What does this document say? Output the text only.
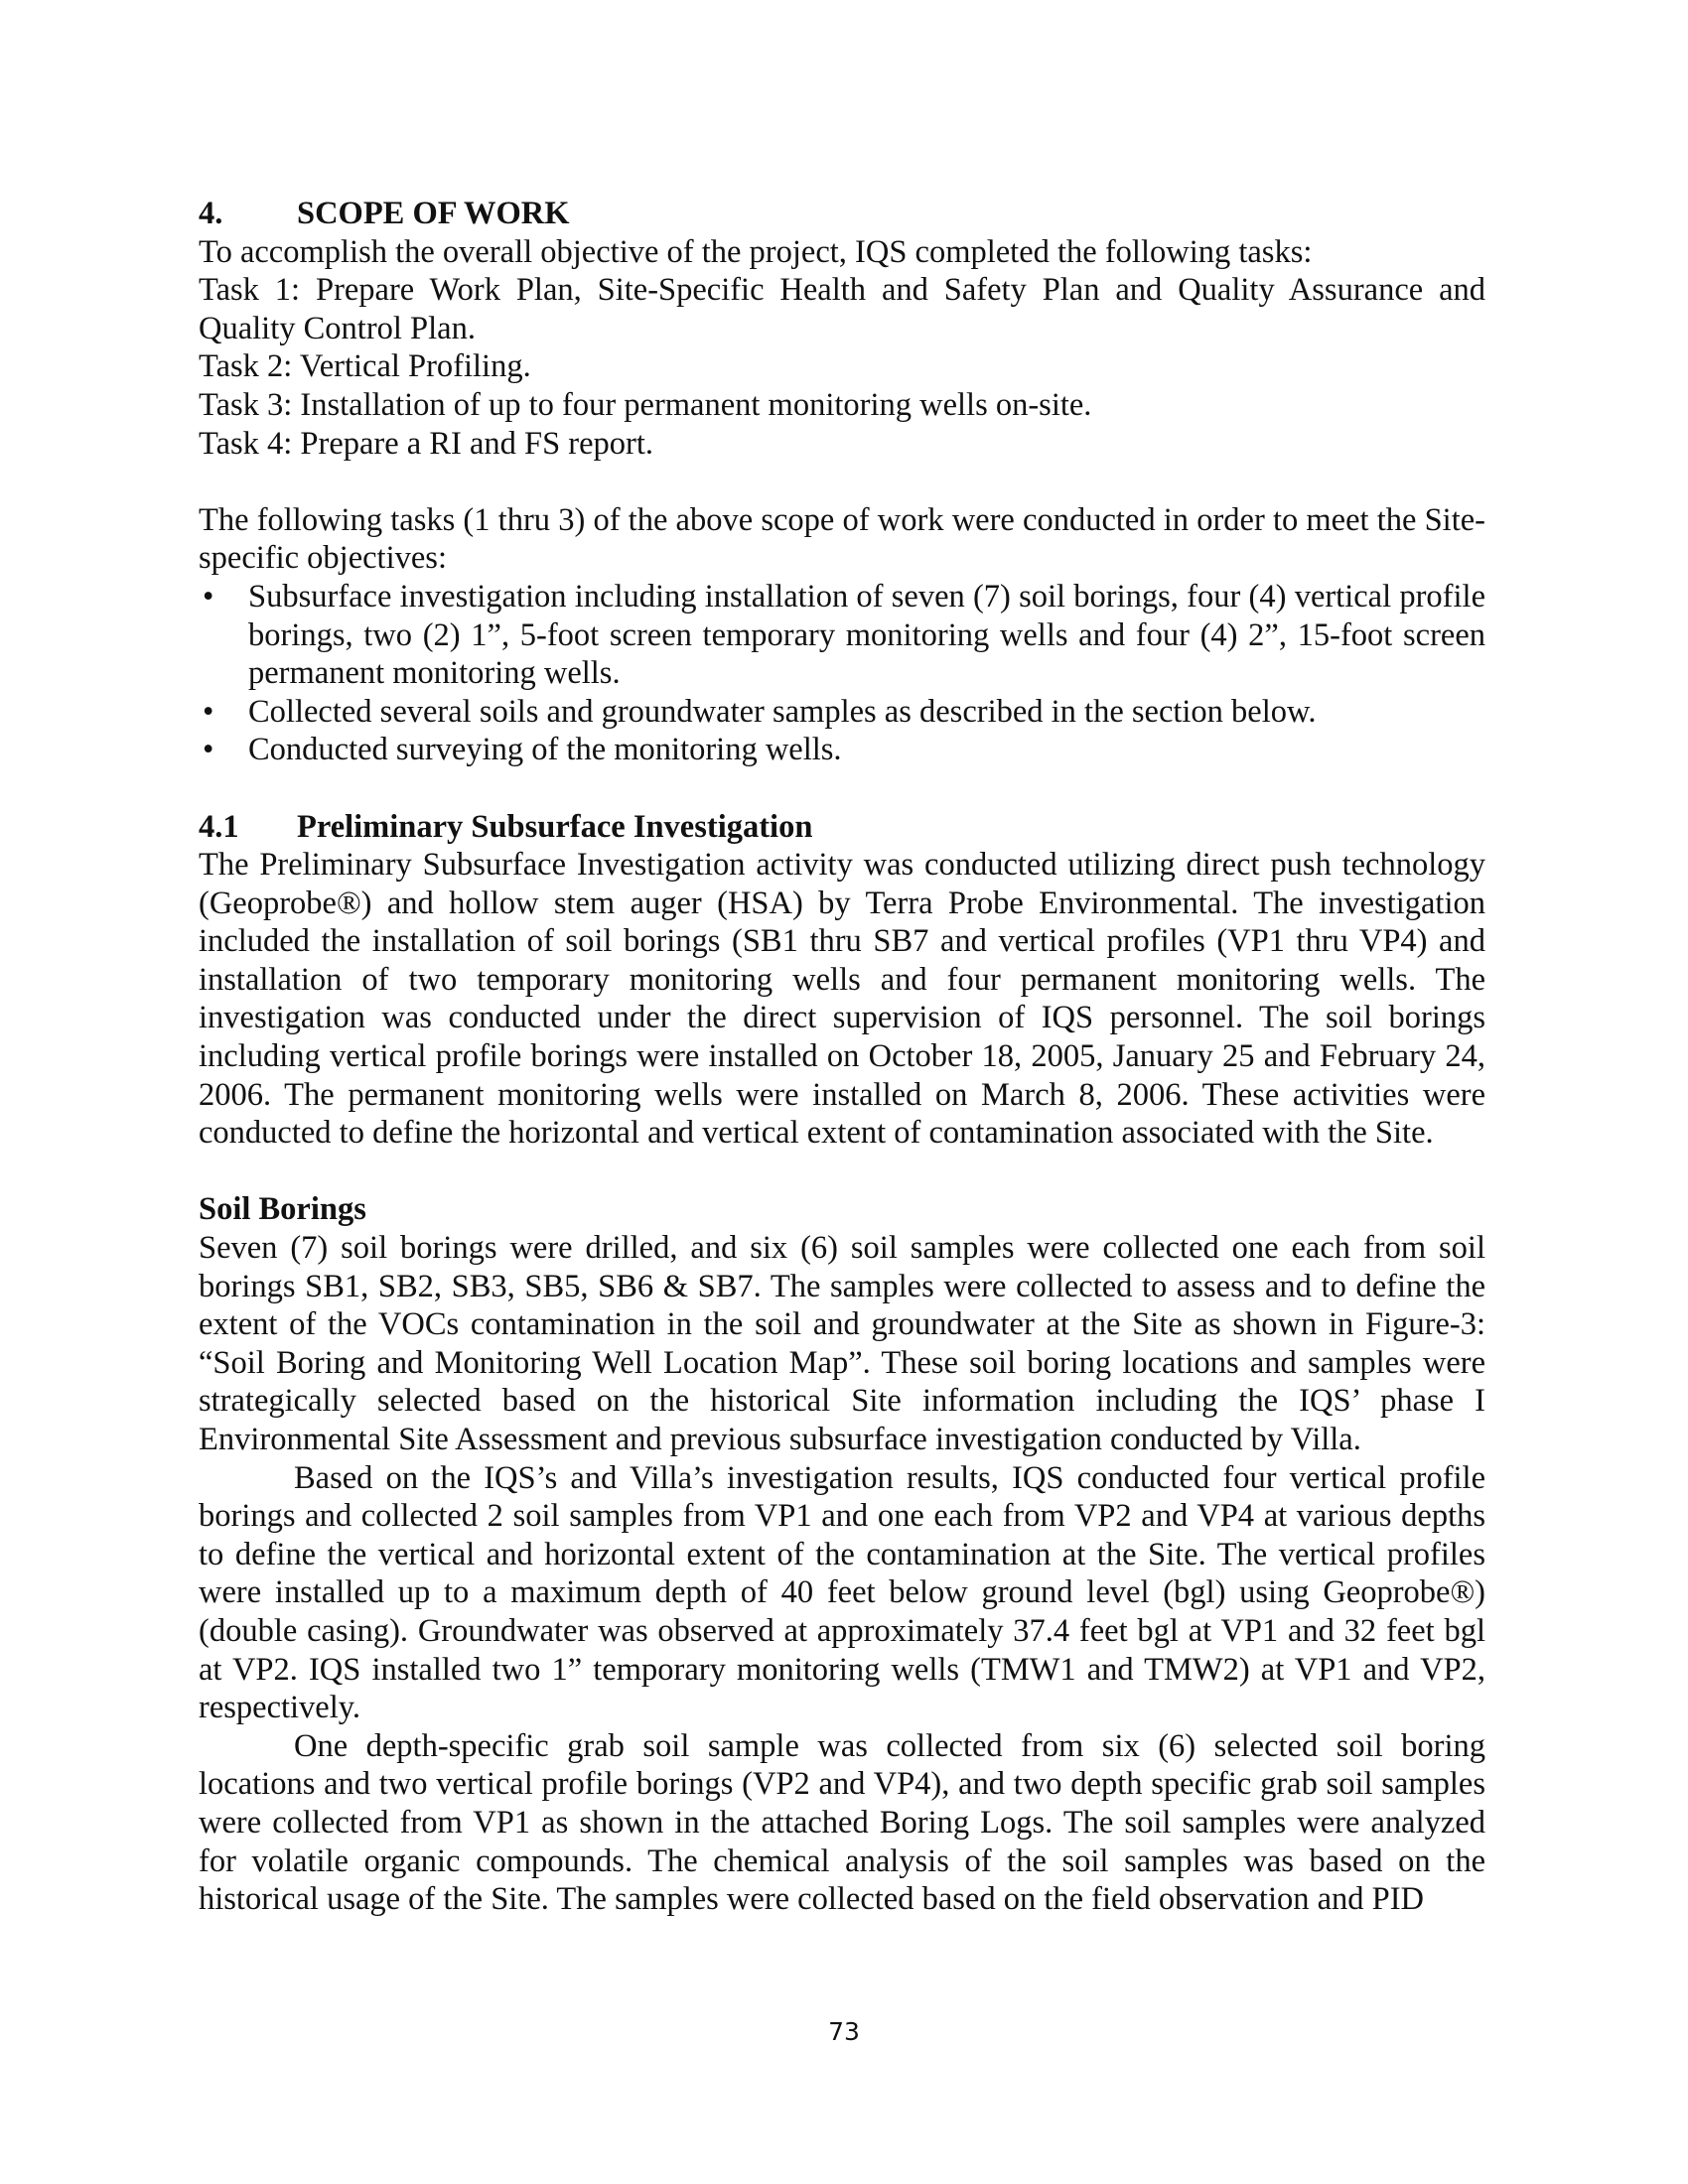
4.	SCOPE OF WORK

To accomplish the overall objective of the project, IQS completed the following tasks:

Task 1: Prepare Work Plan, Site-Specific Health and Safety Plan and Quality Assurance and Quality Control Plan.

Task 2: Vertical Profiling.

Task 3: Installation of up to four permanent monitoring wells on-site.

Task 4: Prepare a RI and FS report.

The following tasks (1 thru 3) of the above scope of work were conducted in order to meet the Site-specific objectives:

• Subsurface investigation including installation of seven (7) soil borings, four (4) vertical profile borings, two (2) 1”, 5-foot screen temporary monitoring wells and four (4) 2”, 15-foot screen permanent monitoring wells.
• Collected several soils and groundwater samples as described in the section below.
• Conducted surveying of the monitoring wells.
4.1	Preliminary Subsurface Investigation

The Preliminary Subsurface Investigation activity was conducted utilizing direct push technology (Geoprobe®) and hollow stem auger (HSA) by Terra Probe Environmental. The investigation included the installation of soil borings (SB1 thru SB7 and vertical profiles (VP1 thru VP4) and installation of two temporary monitoring wells and four permanent monitoring wells. The investigation was conducted under the direct supervision of IQS personnel. The soil borings including vertical profile borings were installed on October 18, 2005, January 25 and February 24, 2006. The permanent monitoring wells were installed on March 8, 2006. These activities were conducted to define the horizontal and vertical extent of contamination associated with the Site.

Soil Borings

Seven (7) soil borings were drilled, and six (6) soil samples were collected one each from soil borings SB1, SB2, SB3, SB5, SB6 & SB7. The samples were collected to assess and to define the extent of the VOCs contamination in the soil and groundwater at the Site as shown in Figure-3: “Soil Boring and Monitoring Well Location Map”. These soil boring locations and samples were strategically selected based on the historical Site information including the IQS’ phase I Environmental Site Assessment and previous subsurface investigation conducted by Villa.

Based on the IQS’s and Villa’s investigation results, IQS conducted four vertical profile borings and collected 2 soil samples from VP1 and one each from VP2 and VP4 at various depths to define the vertical and horizontal extent of the contamination at the Site. The vertical profiles were installed up to a maximum depth of 40 feet below ground level (bgl) using Geoprobe®) (double casing). Groundwater was observed at approximately 37.4 feet bgl at VP1 and 32 feet bgl at VP2. IQS installed two 1” temporary monitoring wells (TMW1 and TMW2) at VP1 and VP2, respectively.

One depth-specific grab soil sample was collected from six (6) selected soil boring locations and two vertical profile borings (VP2 and VP4), and two depth specific grab soil samples were collected from VP1 as shown in the attached Boring Logs. The soil samples were analyzed for volatile organic compounds. The chemical analysis of the soil samples was based on the historical usage of the Site. The samples were collected based on the field observation and PID

73
